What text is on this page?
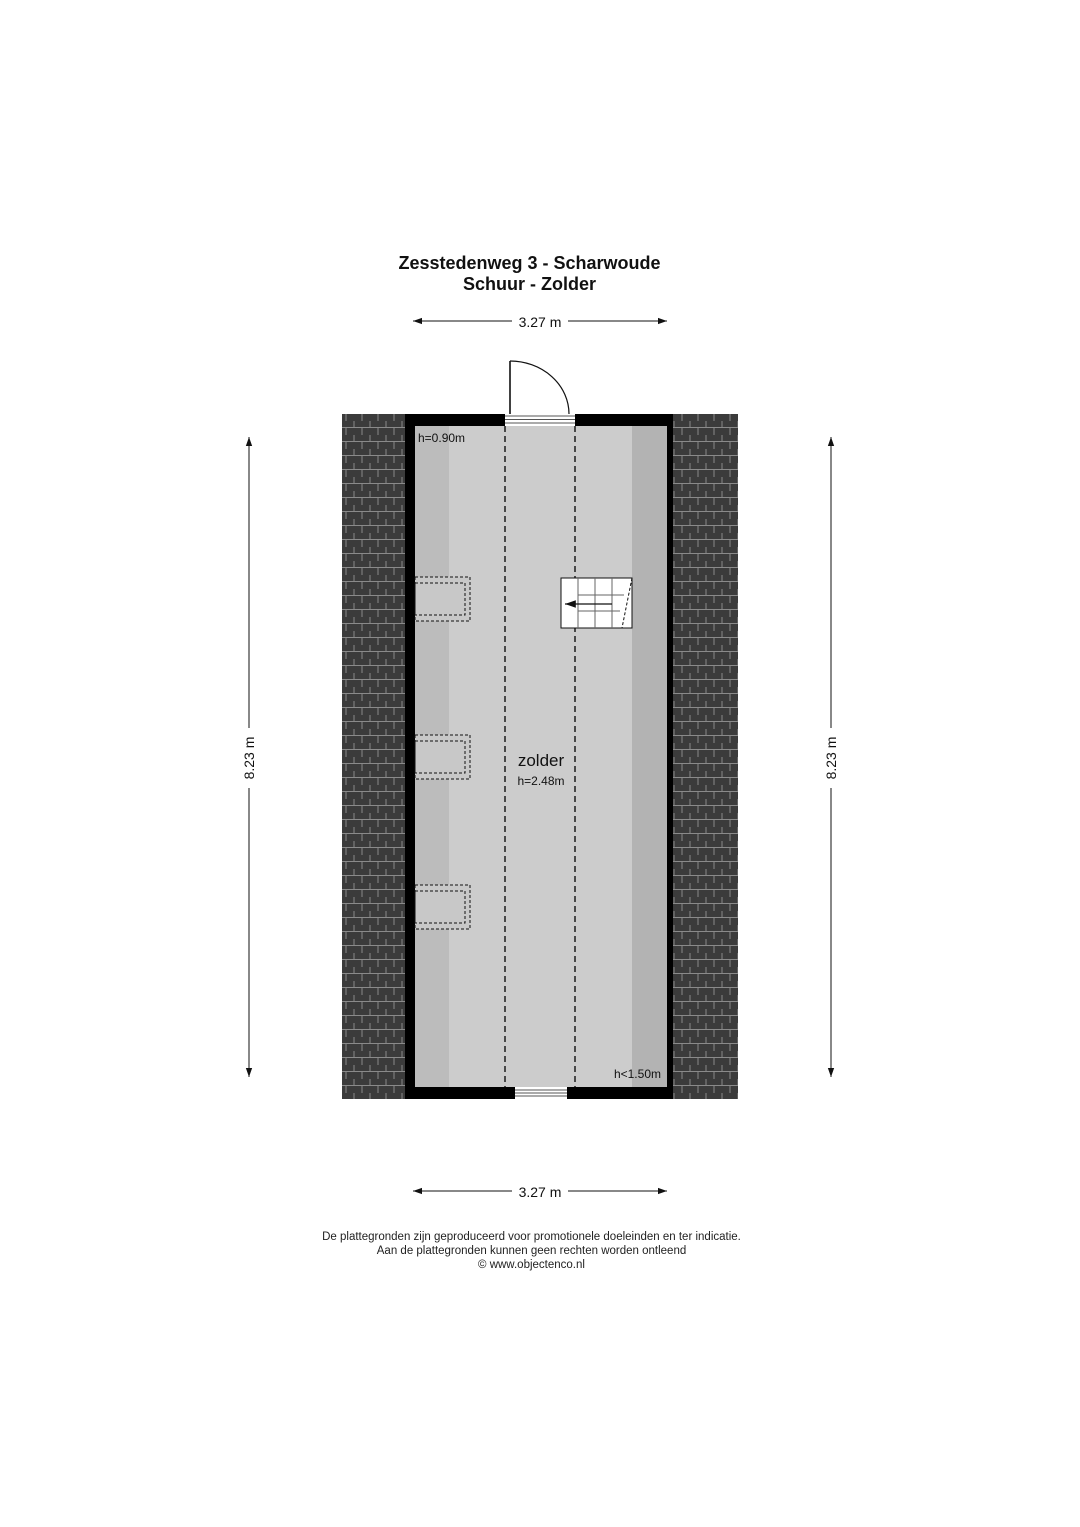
Zesstedenweg 3 - Scharwoude
Schuur - Zolder
zolder
h=2.48m
h=0.90m
h<1.50m
3.27 m
3.27 m
8.23 m	8.23 m
De plattegronden zijn geproduceerd voor promotionele doeleinden en ter indicatie.
Aan de plattegronden kunnen geen rechten worden ontleend
© www.objectenco.nl
